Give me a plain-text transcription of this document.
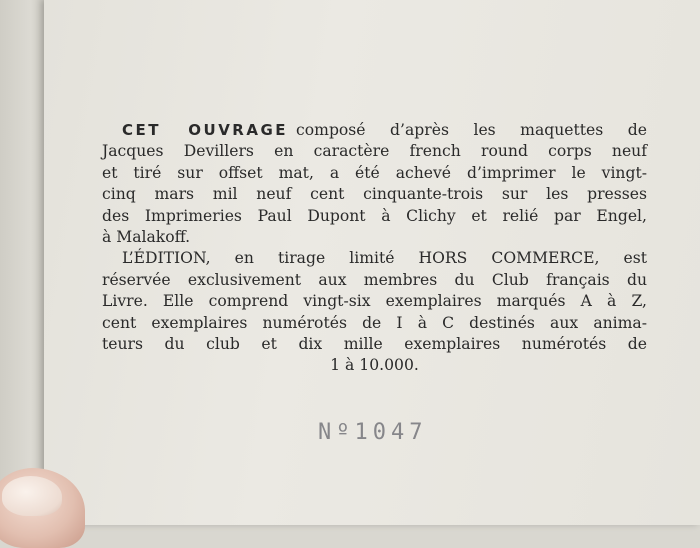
CET OUVRAGE composé d’après les maquettes de
Jacques Devillers en caractère french round corps neuf
et tiré sur offset mat, a été achevé d’imprimer le vingt-
cinq mars mil neuf cent cinquante-trois sur les presses
des Imprimeries Paul Dupont à Clichy et relié par Engel,
à Malakoff.

L’ÉDITION, en tirage limité HORS COMMERCE, est
réservée exclusivement aux membres du Club français du
Livre. Elle comprend vingt-six exemplaires marqués A à Z,
cent exemplaires numérotés de I à C destinés aux anima-
teurs du club et dix mille exemplaires numérotés de
1 à 10.000.

Nº1047
